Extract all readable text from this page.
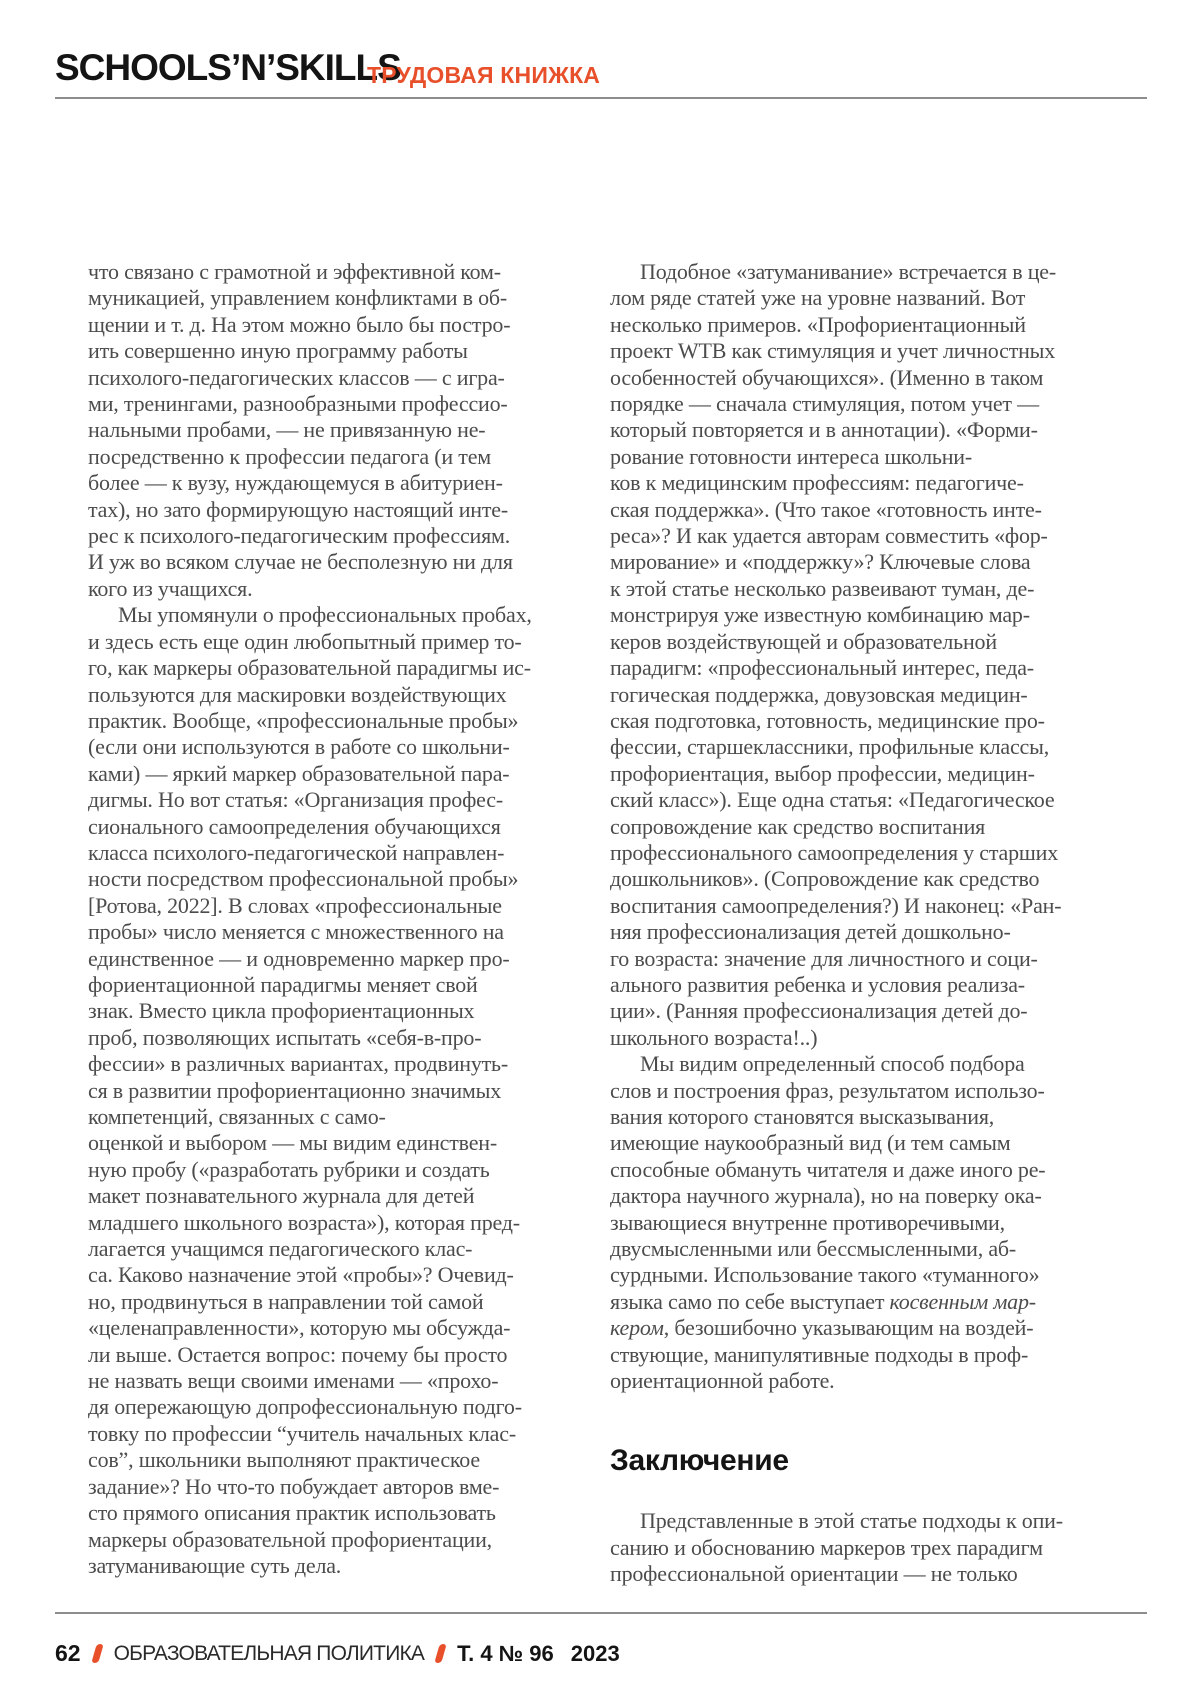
SCHOOLS’N’SKILLS
ТРУДОВАЯ КНИЖКА

что связано с грамотной и эффективной ком-
муникацией, управлением конфликтами в об-
щении и т. д. На этом можно было бы постро-
ить совершенно иную программу работы
психолого-педагогических классов — с игра-
ми, тренингами, разнообразными профессио-
нальными пробами, — не привязанную не-
посредственно к профессии педагога (и тем
более — к вузу, нуждающемуся в абитуриен-
тах), но зато формирующую настоящий инте-
рес к психолого-педагогическим профессиям.
И уж во всяком случае не бесполезную ни для
кого из учащихся.

Мы упомянули о профессиональных пробах,
и здесь есть еще один любопытный пример то-
го, как маркеры образовательной парадигмы ис-
пользуются для маскировки воздействующих
практик. Вообще, «профессиональные пробы»
(если они используются в работе со школьни-
ками) — яркий маркер образовательной пара-
дигмы. Но вот статья: «Организация профес-
сионального самоопределения обучающихся
класса психолого-педагогической направлен-
ности посредством профессиональной пробы»
[Ротова, 2022]. В словах «профессиональные
пробы» число меняется с множественного на
единственное — и одновременно маркер про-
фориентационной парадигмы меняет свой
знак. Вместо цикла профориентационных
проб, позволяющих испытать «себя-в-про-
фессии» в различных вариантах, продвинуть-
ся в развитии профориентационно значимых
компетенций, связанных с само-
оценкой и выбором — мы видим единствен-
ную пробу («разработать рубрики и создать
макет познавательного журнала для детей
младшего школьного возраста»), которая пред-
лагается учащимся педагогического клас-
са. Каково назначение этой «пробы»? Очевид-
но, продвинуться в направлении той самой
«целенаправленности», которую мы обсужда-
ли выше. Остается вопрос: почему бы просто
не назвать вещи своими именами — «прохо-
дя опережающую допрофессиональную подго-
товку по профессии “учитель начальных клас-
сов”, школьники выполняют практическое
задание»? Но что-то побуждает авторов вме-
сто прямого описания практик использовать
маркеры образовательной профориентации,
затуманивающие суть дела.

Подобное «затуманивание» встречается в це-
лом ряде статей уже на уровне названий. Вот
несколько примеров. «Профориентационный
проект WTB как стимуляция и учет личностных
особенностей обучающихся». (Именно в таком
порядке — сначала стимуляция, потом учет —
который повторяется и в аннотации). «Форми-
рование готовности интереса школьни-
ков к медицинским профессиям: педагогиче-
ская поддержка». (Что такое «готовность инте-
реса»? И как удается авторам совместить «фор-
мирование» и «поддержку»? Ключевые слова
к этой статье несколько развеивают туман, де-
монстрируя уже известную комбинацию мар-
керов воздействующей и образовательной
парадигм: «профессиональный интерес, педа-
гогическая поддержка, довузовская медицин-
ская подготовка, готовность, медицинские про-
фессии, старшеклассники, профильные классы,
профориентация, выбор профессии, медицин-
ский класс»). Еще одна статья: «Педагогическое
сопровождение как средство воспитания
профессионального самоопределения у старших
дошкольников». (Сопровождение как средство
воспитания самоопределения?) И наконец: «Ран-
няя профессионализация детей дошкольно-
го возраста: значение для личностного и соци-
ального развития ребенка и условия реализа-
ции». (Ранняя профессионализация детей до-
школьного возраста!..)

Мы видим определенный способ подбора
слов и построения фраз, результатом использо-
вания которого становятся высказывания,
имеющие наукообразный вид (и тем самым
способные обмануть читателя и даже иного ре-
дактора научного журнала), но на поверку ока-
зывающиеся внутренне противоречивыми,
двусмысленными или бессмысленными, аб-
сурдными. Использование такого «туманного»
языка само по себе выступает косвенным мар-
кером, безошибочно указывающим на воздей-
ствующие, манипулятивные подходы в проф-
ориентационной работе.

Заключение

Представленные в этой статье подходы к опи-
санию и обоснованию маркеров трех парадигм
профессиональной ориентации — не только

62 ОБРАЗОВАТЕЛЬНАЯ ПОЛИТИКА Т. 4 № 96 2023
